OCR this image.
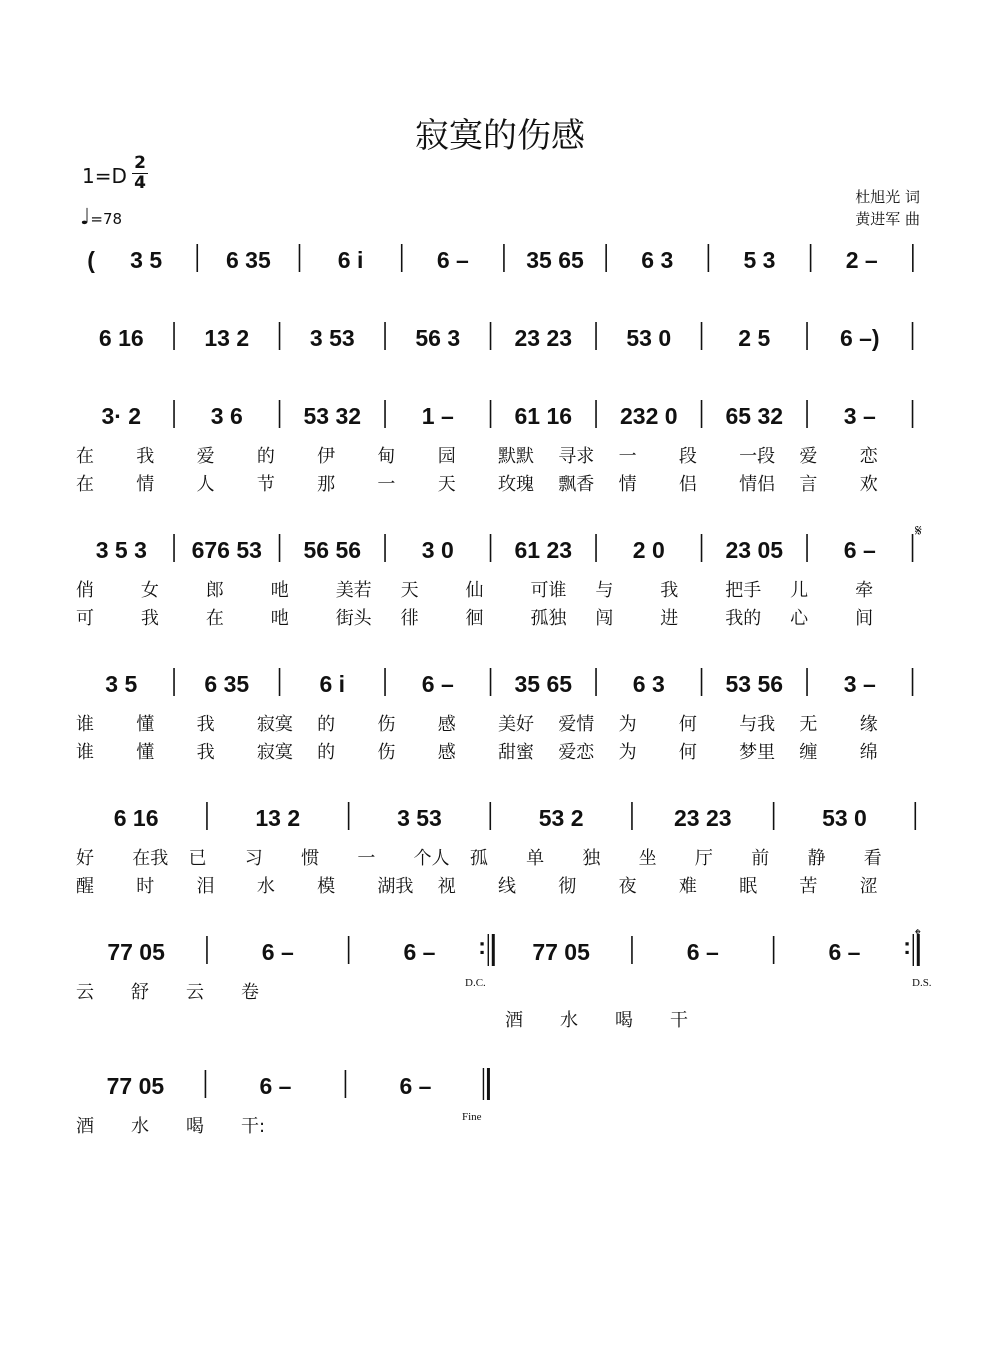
寂寞的伤感
1=D
2
4
♩=78
杜旭光 词
黄进军 曲
( 3 5	6 35	6 i	6 – 35 65 6 3	5 3	2 –
6 16	13 2	3 53	56 3 23 23 53 0	2 5	6 –)
3· 2	3 6	53 32	1 –	61 16 232 0 65 32	3 –
在 我 爱 的 伊 甸 园 默默 寻求 一 段 一段 爱 恋
在 情 人 节 那 一 天 玫瑰 飘香 情 侣 情侣 言 欢
3 5 3 676 53 56 56	3 0	61 23	2 0	23 05	6 –
俏	女	郎	吔	美若 天	仙	可谁 与	我	把手 儿	牵
可	我	在	吔	街头 徘	徊	孤独 闯	进	我的 心	间
3 5	6 35	6 i	6 –	35 65	6 3	53 56	3 –
谁 懂 我 寂寞 的 伤 感 美好 爱情 为 何 与我 无 缘
谁 懂 我 寂寞 的 伤 感 甜蜜 爱恋 为 何 梦里 缠 绵
6 16	13 2	3 53	53 2	23 23	53 0
好 在我 已 习 惯 一 个人 孤 单 独 坐 厅 前 静 看
醒 时 泪 水 模 湖我 视 线 彻 夜 难 眠 苦 涩
77 05	6 –	6 – : 77 05	6 –	6 – :
云 舒 云 卷
酒 水 喝 干
77 05	6 –	6 –
酒 水 喝 干:
D.C.	D.S.
Fine
𝄋
𝄌
